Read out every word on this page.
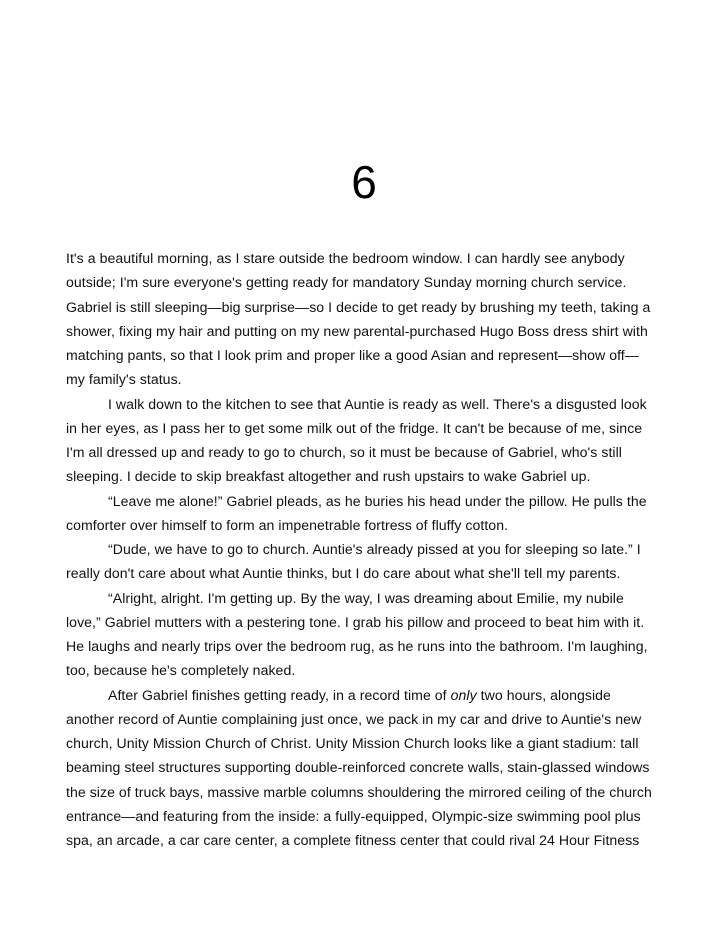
6
It's a beautiful morning, as I stare outside the bedroom window. I can hardly see anybody
outside; I'm sure everyone's getting ready for mandatory Sunday morning church service.
Gabriel is still sleeping—big surprise—so I decide to get ready by brushing my teeth, taking a
shower, fixing my hair and putting on my new parental-purchased Hugo Boss dress shirt with
matching pants, so that I look prim and proper like a good Asian and represent—show off—
my family's status.
I walk down to the kitchen to see that Auntie is ready as well. There's a disgusted look
in her eyes, as I pass her to get some milk out of the fridge. It can't be because of me, since
I'm all dressed up and ready to go to church, so it must be because of Gabriel, who's still
sleeping. I decide to skip breakfast altogether and rush upstairs to wake Gabriel up.
“Leave me alone!” Gabriel pleads, as he buries his head under the pillow. He pulls the
comforter over himself to form an impenetrable fortress of fluffy cotton.
“Dude, we have to go to church. Auntie's already pissed at you for sleeping so late.” I
really don't care about what Auntie thinks, but I do care about what she'll tell my parents.
“Alright, alright. I'm getting up. By the way, I was dreaming about Emilie, my nubile
love,” Gabriel mutters with a pestering tone. I grab his pillow and proceed to beat him with it.
He laughs and nearly trips over the bedroom rug, as he runs into the bathroom. I'm laughing,
too, because he's completely naked.
After Gabriel finishes getting ready, in a record time of only two hours, alongside
another record of Auntie complaining just once, we pack in my car and drive to Auntie's new
church, Unity Mission Church of Christ. Unity Mission Church looks like a giant stadium: tall
beaming steel structures supporting double-reinforced concrete walls, stain-glassed windows
the size of truck bays, massive marble columns shouldering the mirrored ceiling of the church
entrance—and featuring from the inside: a fully-equipped, Olympic-size swimming pool plus
spa, an arcade, a car care center, a complete fitness center that could rival 24 Hour Fitness
